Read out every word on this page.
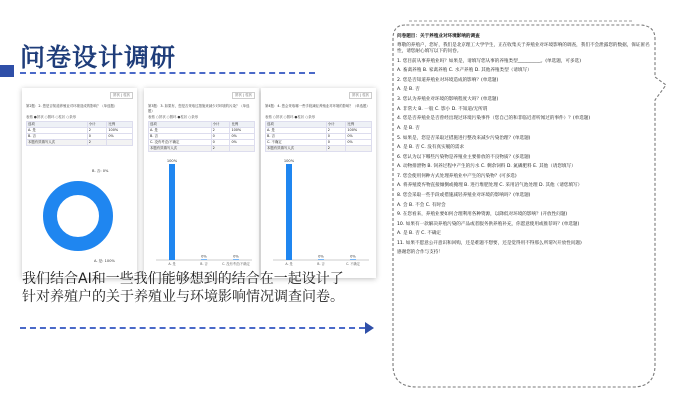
问卷设计调研
饼状 | 柱状
第2题：2. 您是否知道养殖业对环境造成的影响？（单选题）
表格 ●饼状 ○圆环 ○柱状 ○条形
选项	小计	比例
A. 是	2	100%
B. 否	0	0%
本题有效填写人次	2	
B. 否: 0%
A. 是: 100%
饼状 | 柱状
第3题：3. 如果有，您是否采取过措施来减少对环境的污染？（单选题）
表格 ○饼状 ○圆环 ●柱状 ○条形
选项	小计	比例
A. 是	2	100%
B. 否	0	0%
C. 没有考虑/不确定	0	0%
本题有效填写人次	2	
100%
A. 是
0%
B. 否
0%
C. 没有考虑/不确定
饼状 | 柱状
第4题：4. 您会采取哪一些手段减轻养殖业对环境的影响？（单选题）
表格 ○饼状 ○圆环 ●柱状 ○条形
选项	小计	比例
A. 是	2	100%
B. 否	0	0%
C. 不确定	0	0%
本题有效填写人次	2	
100%
A. 是
0%
B. 否
0%
C. 不确定
我们结合AI和一些我们能够想到的结合在一起设计了针对养殖户的关于养殖业与环境影响情况调查问卷。
问卷题目：关于养殖业对环境影响的调查

尊敬的养殖户，您好，我们是北京理工大学学生，正在收集关于养殖业对环境影响的调查，我们不会泄露您的数据，保证匿名性，请您耐心填写以下的问卷。

1. 您目前从事养殖业吗？如果是，请填写您从事的养殖类型__________。(单选题，可多选)

A. 畜禽养殖 B. 家禽养殖 C. 水产养殖 D. 其他养殖类型（请填写）

2. 您是否知道养殖业对环境造成的影响？(单选题)

A. 是 B. 否

3. 您认为养殖业对环境的影响程度大吗？(单选题)

A. 非常大 B. 一般 C. 影小 D. 不知道/无所谓

4. 您是否养殖业是否曾经出现过环境污染事件（您自己的和非临近者听闻过的事件）？(单选题)

A. 是 B. 否

5. 如果是，您是否采取过措施进行整改来减少污染治理？(单选题)

A. 是 B. 否 C. 没有真实履的需求

6. 您认为以下哪些污染物是养殖业主要排放的不良物质？(多选题)

A. 动物排泄物 B. 饲养过程中产生的污水 C. 剩余饲料 D. 氮磷肥料 E. 其他（请您填写）

7. 您会使用何种方式处理养殖业中产生的污染物？(可多选)

A. 将养殖废弃物直接倾倒或掩埋 B. 进行堆肥处理 C. 采用沼气池处理 D. 其他（请您填写）

8. 您会采取一些手段或措施减轻养殖业对环境的影响吗？(单选题)

A. 会 B. 不会 C. 有时会

9. 在您看来，养殖业要如何合理利用各种资源，以降低对环境的影响？(开放性问题)

10. 如果有一款解决养殖污染的产品或者服务供养殖补充，你愿意使用或推荐吗？(单选题)

A. 是 B. 否 C. 不确定

11. 如果不愿意公开意识和回购，还是难题不想要，还是觉得用不得那么所谓?(开放性问题)

感谢您的合作与支持！
